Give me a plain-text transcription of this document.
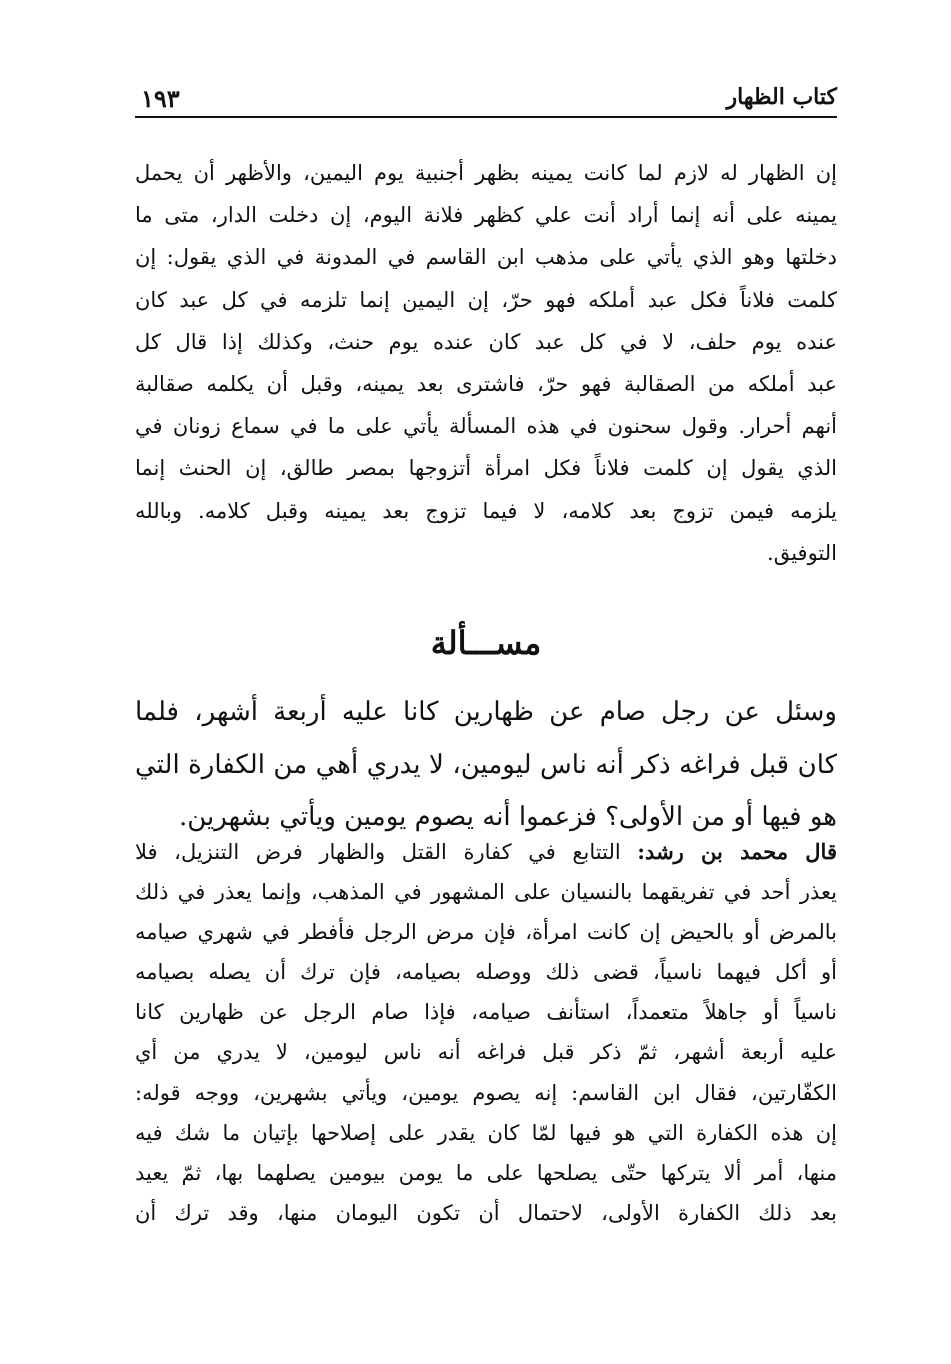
كتاب الظهار
١٩٣
إن الظهار له لازم لما كانت يمينه بظهر أجنبية يوم اليمين، والأظهر أن يحمل
يمينه على أنه إنما أراد أنت علي كظهر فلانة اليوم، إن دخلت الدار، متى ما
دخلتها وهو الذي يأتي على مذهب ابن القاسم في المدونة في الذي يقول: إن
كلمت فلاناً فكل عبد أملكه فهو حرّ، إن اليمين إنما تلزمه في كل عبد كان
عنده يوم حلف، لا في كل عبد كان عنده يوم حنث، وكذلك إذا قال كل
عبد أملكه من الصقالبة فهو حرّ، فاشترى بعد يمينه، وقبل أن يكلمه صقالبة
أنهم أحرار. وقول سحنون في هذه المسألة يأتي على ما في سماع زونان في
الذي يقول إن كلمت فلاناً فكل امرأة أتزوجها بمصر طالق، إن الحنث إنما
يلزمه فيمن تزوج بعد كلامه، لا فيما تزوج بعد يمينه وقبل كلامه. وبالله
التوفيق.
مســـألة
وسئل عن رجل صام عن ظهارين كانا عليه أربعة أشهر، فلما
كان قبل فراغه ذكر أنه ناس ليومين، لا يدري أهي من الكفارة التي
هو فيها أو من الأولى؟ فزعموا أنه يصوم يومين ويأتي بشهرين.
قال محمد بن رشد: التتابع في كفارة القتل والظهار فرض التنزيل، فلا
يعذر أحد في تفريقهما بالنسيان على المشهور في المذهب، وإنما يعذر في ذلك
بالمرض أو بالحيض إن كانت امرأة، فإن مرض الرجل فأفطر في شهري صيامه
أو أكل فيهما ناسياً، قضى ذلك ووصله بصيامه، فإن ترك أن يصله بصيامه
ناسياً أو جاهلاً متعمداً، استأنف صيامه، فإذا صام الرجل عن ظهارين كانا
عليه أربعة أشهر، ثمّ ذكر قبل فراغه أنه ناس ليومين، لا يدري من أي
الكفّارتين، فقال ابن القاسم: إنه يصوم يومين، ويأتي بشهرين، ووجه قوله:
إن هذه الكفارة التي هو فيها لمّا كان يقدر على إصلاحها بإتيان ما شك فيه
منها، أمر ألا يتركها حتّى يصلحها على ما يومن بيومين يصلهما بها، ثمّ يعيد
بعد ذلك الكفارة الأولى، لاحتمال أن تكون اليومان منها، وقد ترك أن
